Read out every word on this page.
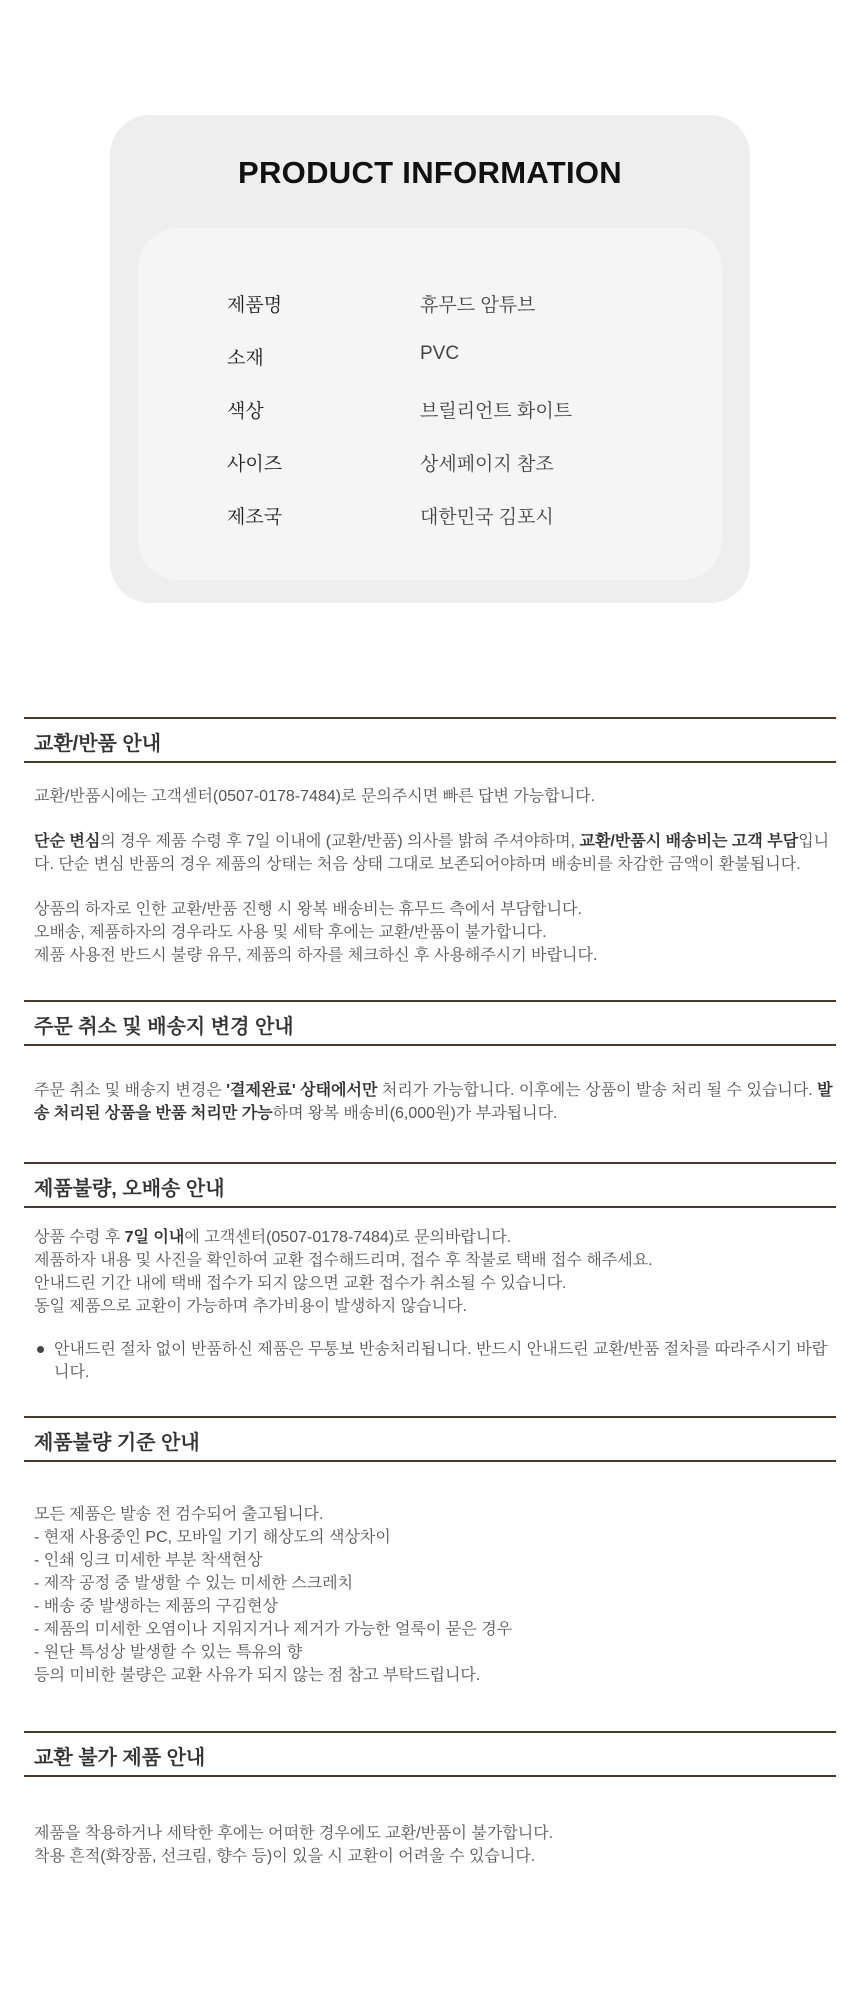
PRODUCT INFORMATION
제품명	휴무드 암튜브
소재	PVC
색상	브릴리언트 화이트
사이즈	상세페이지 참조
제조국	대한민국 김포시
교환/반품 안내

교환/반품시에는 고객센터(0507-0178-7484)로 문의주시면 빠른 답변 가능합니다.

단순 변심의 경우 제품 수령 후 7일 이내에 (교환/반품) 의사를 밝혀 주셔야하며, 교환/반품시 배송비는 고객 부담입니다. 단순 변심 반품의 경우 제품의 상태는 처음 상태 그대로 보존되어야하며 배송비를 차감한 금액이 환불됩니다.

상품의 하자로 인한 교환/반품 진행 시 왕복 배송비는 휴무드 측에서 부담합니다.

오배송, 제품하자의 경우라도 사용 및 세탁 후에는 교환/반품이 불가합니다.

제품 사용전 반드시 불량 유무, 제품의 하자를 체크하신 후 사용해주시기 바랍니다.

주문 취소 및 배송지 변경 안내

주문 취소 및 배송지 변경은 '결제완료' 상태에서만 처리가 가능합니다. 이후에는 상품이 발송 처리 될 수 있습니다. 발송 처리된 상품을 반품 처리만 가능하며 왕복 배송비(6,000원)가 부과됩니다.

제품불량, 오배송 안내

상품 수령 후 7일 이내에 고객센터(0507-0178-7484)로 문의바랍니다.

제품하자 내용 및 사진을 확인하여 교환 접수해드리며, 접수 후 착불로 택배 접수 해주세요.

안내드린 기간 내에 택배 접수가 되지 않으면 교환 접수가 취소될 수 있습니다.

동일 제품으로 교환이 가능하며 추가비용이 발생하지 않습니다.

안내드린 절차 없이 반품하신 제품은 무통보 반송처리됩니다. 반드시 안내드린 교환/반품 절차를 따라주시기 바랍니다.

제품불량 기준 안내

모든 제품은 발송 전 검수되어 출고됩니다.

- 현재 사용중인 PC, 모바일 기기 해상도의 색상차이

- 인쇄 잉크 미세한 부분 착색현상

- 제작 공정 중 발생할 수 있는 미세한 스크레치

- 배송 중 발생하는 제품의 구김현상

- 제품의 미세한 오염이나 지워지거나 제거가 가능한 얼룩이 묻은 경우

- 원단 특성상 발생할 수 있는 특유의 향

등의 미비한 불량은 교환 사유가 되지 않는 점 참고 부탁드립니다.

교환 불가 제품 안내

제품을 착용하거나 세탁한 후에는 어떠한 경우에도 교환/반품이 불가합니다.

착용 흔적(화장품, 선크림, 향수 등)이 있을 시 교환이 어려울 수 있습니다.
